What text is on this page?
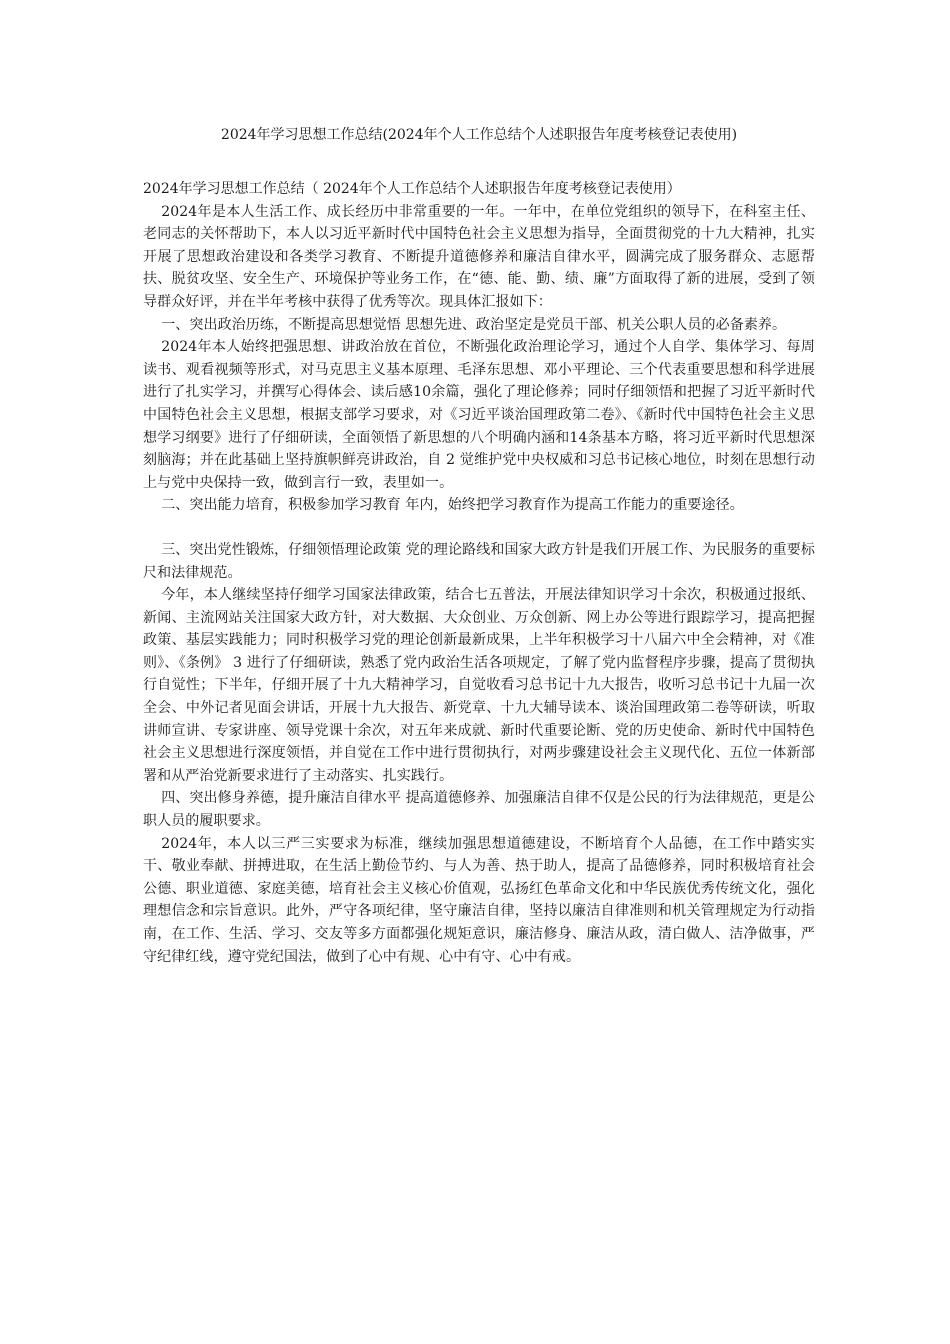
2024年学习思想工作总结(2024年个人工作总结个人述职报告年度考核登记表使用)

2024年学习思想工作总结（ 2024年个人工作总结个人述职报告年度考核登记表使用）

2024年是本人生活工作、成长经历中非常重要的一年。一年中，在单位党组织的领导下，在科室主任、老同志的关怀帮助下，本人以习近平新时代中国特色社会主义思想为指导，全面贯彻党的十九大精神，扎实开展了思想政治建设和各类学习教育、不断提升道德修养和廉洁自律水平，圆满完成了服务群众、志愿帮扶、脱贫攻坚、安全生产、环境保护等业务工作，在“德、能、勤、绩、廉”方面取得了新的进展，受到了领导群众好评，并在半年考核中获得了优秀等次。现具体汇报如下：

一、突出政治历练，不断提高思想觉悟 思想先进、政治坚定是党员干部、机关公职人员的必备素养。

2024年本人始终把强思想、讲政治放在首位，不断强化政治理论学习，通过个人自学、集体学习、每周读书、观看视频等形式，对马克思主义基本原理、毛泽东思想、邓小平理论、三个代表重要思想和科学进展进行了扎实学习，并撰写心得体会、读后感10余篇，强化了理论修养；同时仔细领悟和把握了习近平新时代中国特色社会主义思想，根据支部学习要求，对《习近平谈治国理政第二卷》、《新时代中国特色社会主义思想学习纲要》进行了仔细研读，全面领悟了新思想的八个明确内涵和14条基本方略，将习近平新时代思想深刻脑海；并在此基础上坚持旗帜鲜亮讲政治，自 2 觉维护党中央权威和习总书记核心地位，时刻在思想行动上与党中央保持一致，做到言行一致，表里如一。

二、突出能力培育，积极参加学习教育 年内，始终把学习教育作为提高工作能力的重要途径。

三、突出党性锻炼，仔细领悟理论政策 党的理论路线和国家大政方针是我们开展工作、为民服务的重要标尺和法律规范。

今年，本人继续坚持仔细学习国家法律政策，结合七五普法，开展法律知识学习十余次，积极通过报纸、新闻、主流网站关注国家大政方针，对大数据、大众创业、万众创新、网上办公等进行跟踪学习，提高把握政策、基层实践能力；同时积极学习党的理论创新最新成果，上半年积极学习十八届六中全会精神，对《准则》、《条例》 3 进行了仔细研读，熟悉了党内政治生活各项规定，了解了党内监督程序步骤，提高了贯彻执行自觉性；下半年，仔细开展了十九大精神学习，自觉收看习总书记十九大报告，收听习总书记十九届一次全会、中外记者见面会讲话，开展十九大报告、新党章、十九大辅导读本、谈治国理政第二卷等研读，听取讲师宣讲、专家讲座、领导党课十余次，对五年来成就、新时代重要论断、党的历史使命、新时代中国特色社会主义思想进行深度领悟，并自觉在工作中进行贯彻执行，对两步骤建设社会主义现代化、五位一体新部署和从严治党新要求进行了主动落实、扎实践行。

四、突出修身养德，提升廉洁自律水平 提高道德修养、加强廉洁自律不仅是公民的行为法律规范，更是公职人员的履职要求。

2024年，本人以三严三实要求为标准，继续加强思想道德建设，不断培育个人品德，在工作中踏实实干、敬业奉献、拼搏进取，在生活上勤俭节约、与人为善、热于助人，提高了品德修养，同时积极培育社会公德、职业道德、家庭美德，培育社会主义核心价值观，弘扬红色革命文化和中华民族优秀传统文化，强化理想信念和宗旨意识。此外，严守各项纪律，坚守廉洁自律，坚持以廉洁自律准则和机关管理规定为行动指南，在工作、生活、学习、交友等多方面都强化规矩意识，廉洁修身、廉洁从政，清白做人、洁净做事，严守纪律红线，遵守党纪国法，做到了心中有规、心中有守、心中有戒。
